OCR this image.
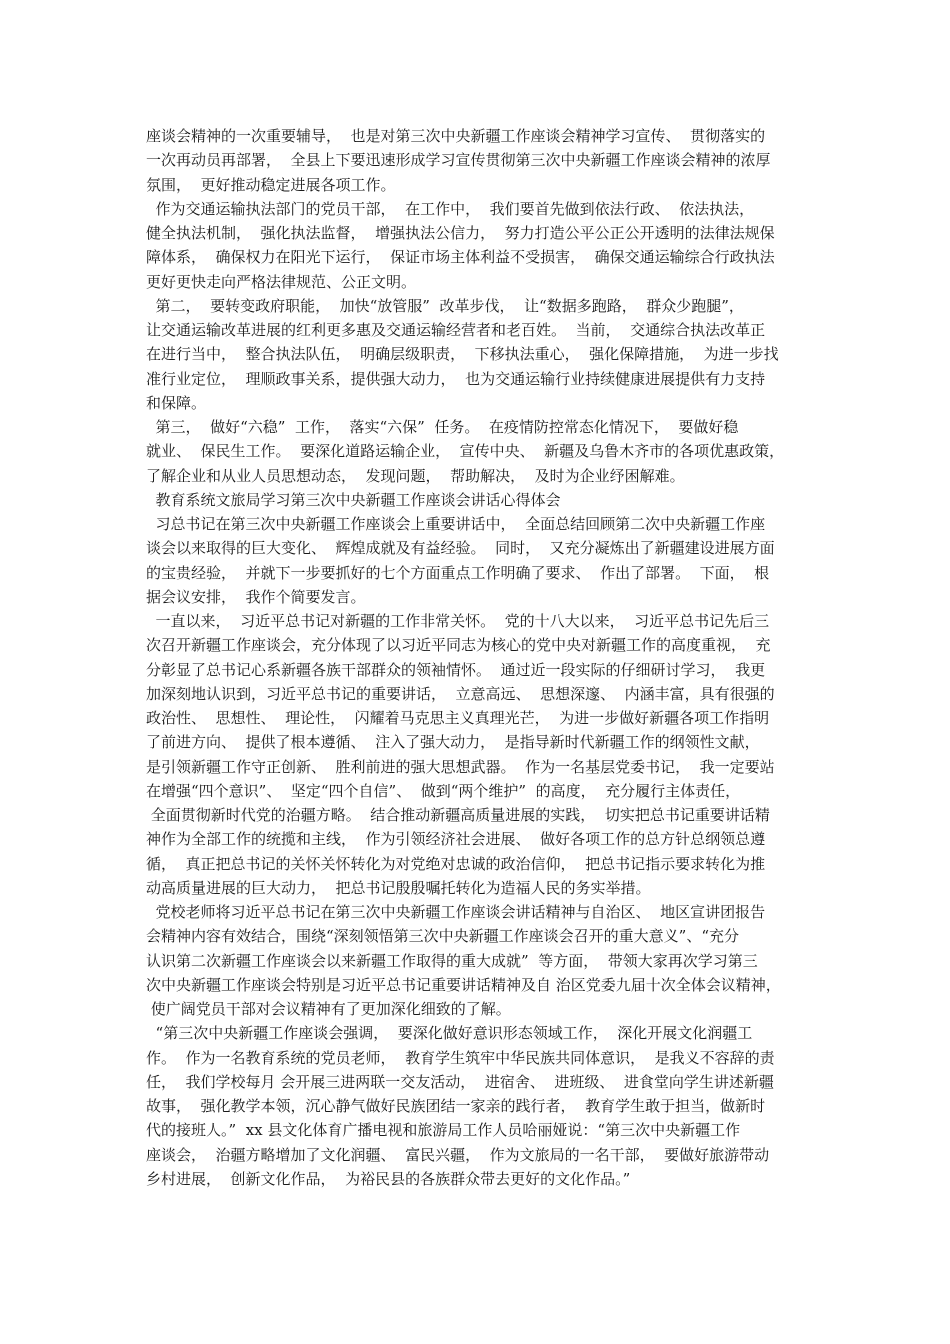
座谈会精神的一次重要辅导，  也是对第三次中央新疆工作座谈会精神学习宣传、  贯彻落实的
一次再动员再部署，  全县上下要迅速形成学习宣传贯彻第三次中央新疆工作座谈会精神的浓厚
氛围，  更好推动稳定进展各项工作。
作为交通运输执法部门的党员干部，  在工作中，  我们要首先做到依法行政、  依法执法，
健全执法机制，  强化执法监督，  增强执法公信力，  努力打造公平公正公开透明的法律法规保
障体系，  确保权力在阳光下运行，  保证市场主体利益不受损害，  确保交通运输综合行政执法
更好更快走向严格法律规范、公正文明。
第二，  要转变政府职能，  加快“放管服”  改革步伐，  让“数据多跑路，  群众少跑腿”，
让交通运输改革进展的红利更多惠及交通运输经营者和老百姓。  当前，  交通综合执法改革正
在进行当中，  整合执法队伍，  明确层级职责，  下移执法重心，  强化保障措施，  为进一步找
准行业定位，  理顺政事关系，提供强大动力，  也为交通运输行业持续健康进展提供有力支持
和保障。
第三，  做好“六稳”  工作，  落实“六保”  任务。  在疫情防控常态化情况下，  要做好稳
就业、  保民生工作。  要深化道路运输企业，  宣传中央、  新疆及乌鲁木齐市的各项优惠政策，
了解企业和从业人员思想动态，  发现问题，  帮助解决，  及时为企业纾困解难。
教育系统文旅局学习第三次中央新疆工作座谈会讲话心得体会
习总书记在第三次中央新疆工作座谈会上重要讲话中，  全面总结回顾第二次中央新疆工作座
谈会以来取得的巨大变化、  辉煌成就及有益经验。  同时，  又充分凝炼出了新疆建设进展方面
的宝贵经验，  并就下一步要抓好的七个方面重点工作明确了要求、  作出了部署。  下面，  根
据会议安排，  我作个简要发言。
一直以来，  习近平总书记对新疆的工作非常关怀。  党的十八大以来，  习近平总书记先后三
次召开新疆工作座谈会，充分体现了以习近平同志为核心的党中央对新疆工作的高度重视，  充
分彰显了总书记心系新疆各族干部群众的领袖情怀。  通过近一段实际的仔细研讨学习，  我更
加深刻地认识到，习近平总书记的重要讲话，  立意高远、  思想深邃、  内涵丰富，具有很强的
政治性、  思想性、  理论性，  闪耀着马克思主义真理光芒，  为进一步做好新疆各项工作指明
了前进方向、  提供了根本遵循、  注入了强大动力，  是指导新时代新疆工作的纲领性文献，
是引领新疆工作守正创新、  胜利前进的强大思想武器。  作为一名基层党委书记，  我一定要站
在增强“四个意识”、  坚定“四个自信”、  做到“两个维护”  的高度，  充分履行主体责任，
全面贯彻新时代党的治疆方略。  结合推动新疆高质量进展的实践，  切实把总书记重要讲话精
神作为全部工作的统揽和主线，  作为引领经济社会进展、  做好各项工作的总方针总纲领总遵
循，  真正把总书记的关怀关怀转化为对党绝对忠诚的政治信仰，  把总书记指示要求转化为推
动高质量进展的巨大动力，  把总书记殷殷嘱托转化为造福人民的务实举措。
党校老师将习近平总书记在第三次中央新疆工作座谈会讲话精神与自治区、  地区宣讲团报告
会精神内容有效结合，围绕“深刻领悟第三次中央新疆工作座谈会召开的重大意义”、“充分
认识第二次新疆工作座谈会以来新疆工作取得的重大成就”  等方面，  带领大家再次学习第三
次中央新疆工作座谈会特别是习近平总书记重要讲话精神及自 治区党委九届十次全体会议精神，
使广阔党员干部对会议精神有了更加深化细致的了解。
“第三次中央新疆工作座谈会强调，  要深化做好意识形态领域工作，  深化开展文化润疆工
作。  作为一名教育系统的党员老师，  教育学生筑牢中华民族共同体意识，  是我义不容辞的责
任，  我们学校每月 会开展三进两联一交友活动，  进宿舍、  进班级、  进食堂向学生讲述新疆
故事，  强化教学本领，沉心静气做好民族团结一家亲的践行者，  教育学生敢于担当，做新时
代的接班人。”  xx 县文化体育广播电视和旅游局工作人员哈丽娅说：“第三次中央新疆工作
座谈会，  治疆方略增加了文化润疆、  富民兴疆，  作为文旅局的一名干部，  要做好旅游带动
乡村进展，  创新文化作品，  为裕民县的各族群众带去更好的文化作品。”
